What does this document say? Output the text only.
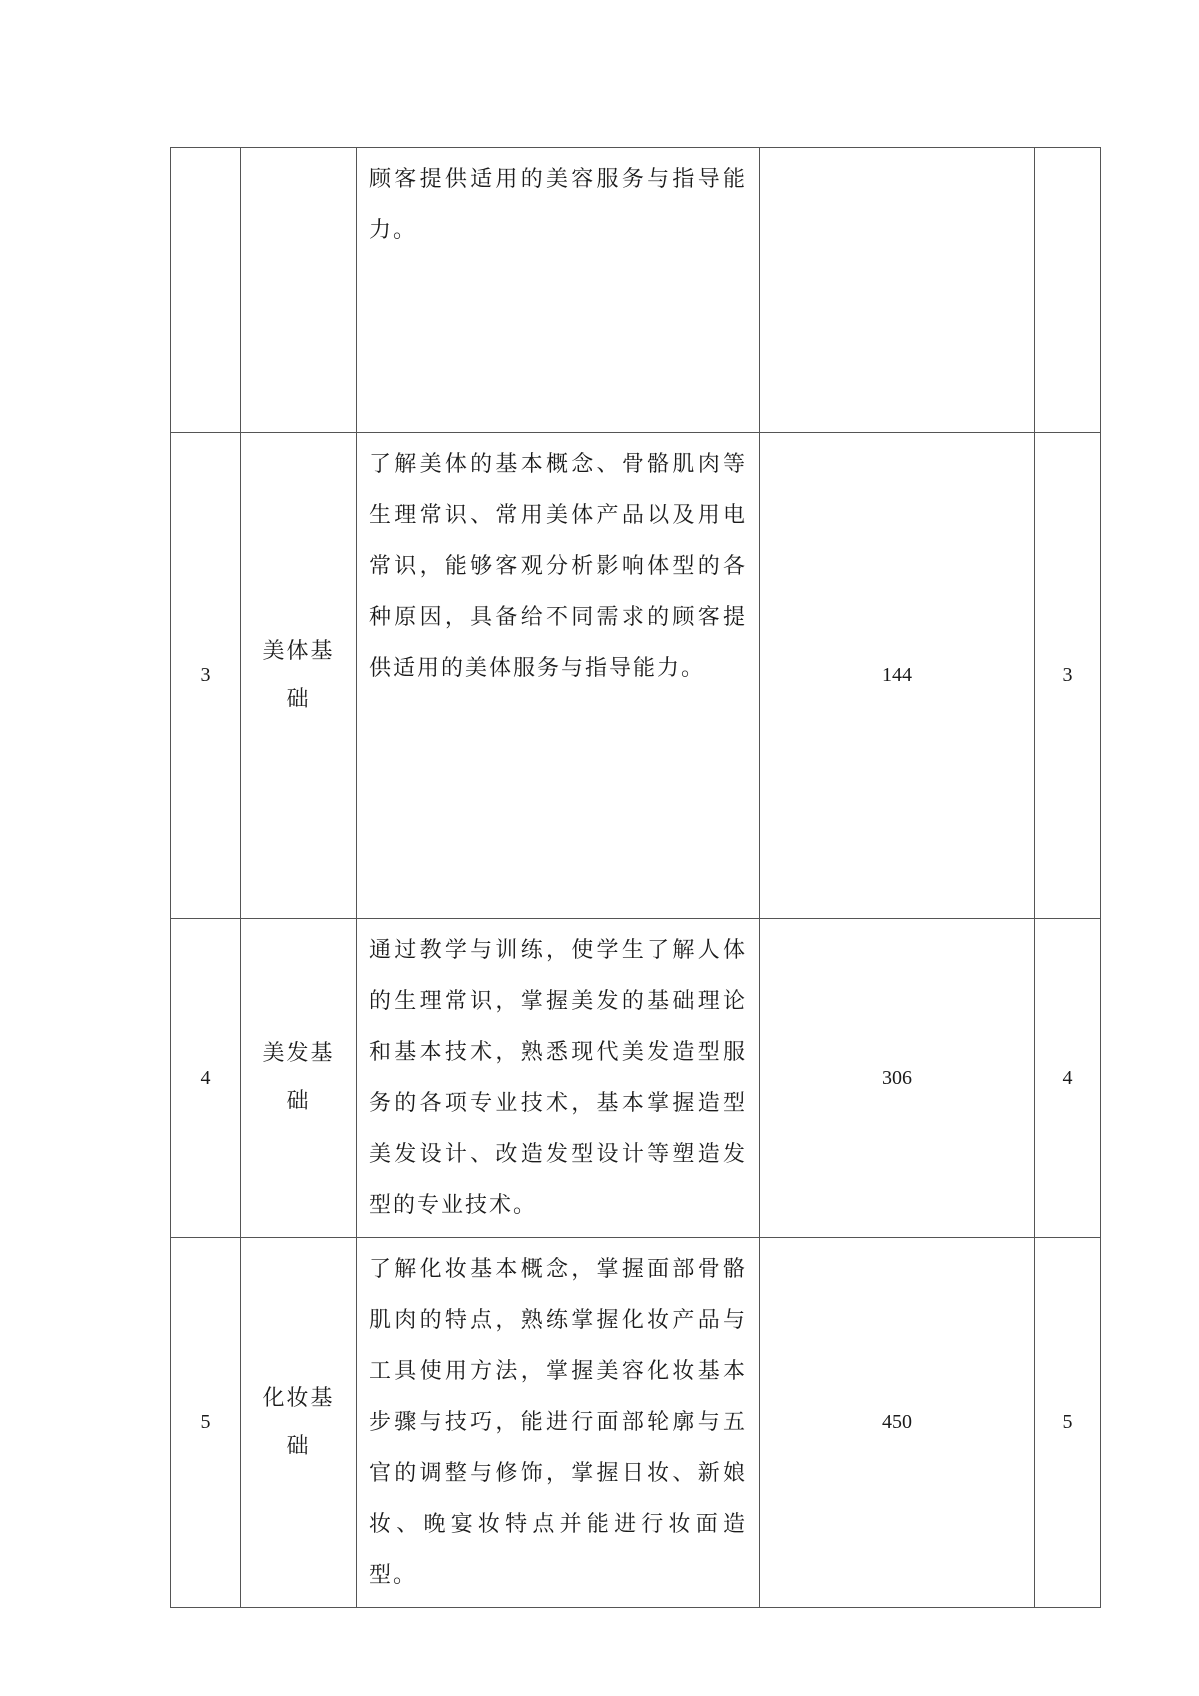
		顾客提供适用的美容服务与指导能力。		

3	美体基础	了解美体的基本概念、骨骼肌肉等生理常识、常用美体产品以及用电常识，能够客观分析影响体型的各种原因，具备给不同需求的顾客提供适用的美体服务与指导能力。	144	3
4	美发基础	通过教学与训练，使学生了解人体的生理常识，掌握美发的基础理论和基本技术，熟悉现代美发造型服务的各项专业技术，基本掌握造型美发设计、改造发型设计等塑造发型的专业技术。	306	4
5	化妆基础	了解化妆基本概念，掌握面部骨骼肌肉的特点，熟练掌握化妆产品与工具使用方法，掌握美容化妆基本步骤与技巧，能进行面部轮廓与五官的调整与修饰，掌握日妆、新娘妆、晚宴妆特点并能进行妆面造型。	450	5
